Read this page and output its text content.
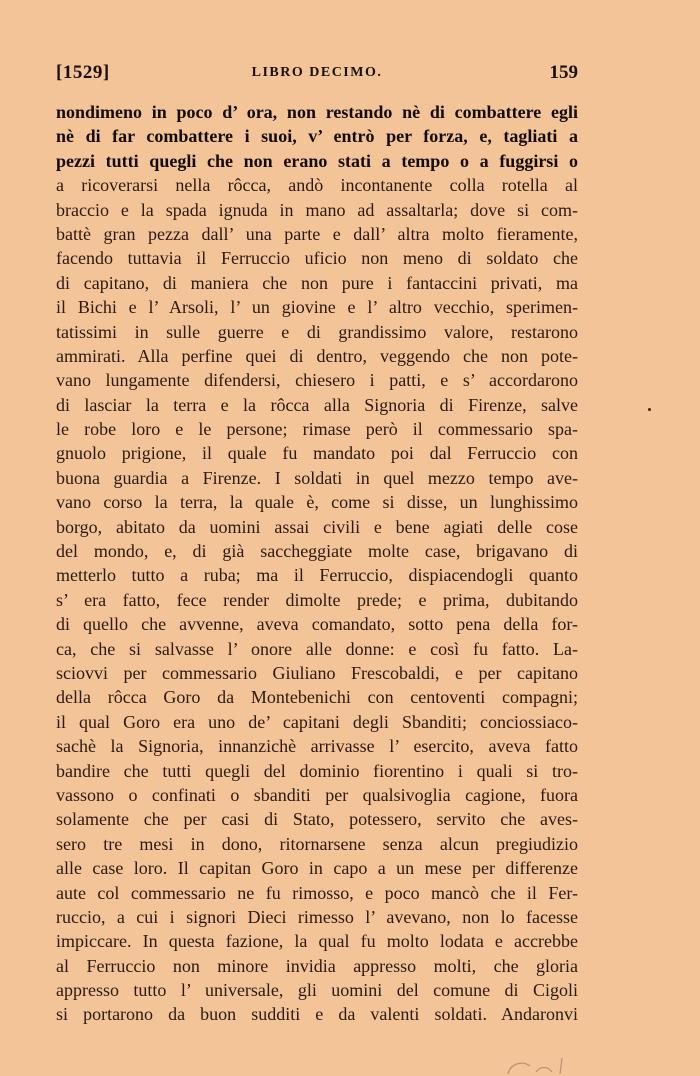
[1529]	LIBRO DECIMO.	159
nondimeno in poco d’ ora, non restando nè di combattere egli
nè di far combattere i suoi, v’ entrò per forza, e, tagliati a
pezzi tutti quegli che non erano stati a tempo o a fuggirsi o
a ricoverarsi nella rôcca, andò incontanente colla rotella al
braccio e la spada ignuda in mano ad assaltarla; dove si com-
battè gran pezza dall’ una parte e dall’ altra molto fieramente,
facendo tuttavia il Ferruccio uficio non meno di soldato che
di capitano, di maniera che non pure i fantaccini privati, ma
il Bichi e l’ Arsoli, l’ un giovine e l’ altro vecchio, sperimen-
tatissimi in sulle guerre e di grandissimo valore, restarono
ammirati. Alla perfine quei di dentro, veggendo che non pote-
vano lungamente difendersi, chiesero i patti, e s’ accordarono
di lasciar la terra e la rôcca alla Signoria di Firenze, salve
le robe loro e le persone; rimase però il commessario spa-
gnuolo prigione, il quale fu mandato poi dal Ferruccio con
buona guardia a Firenze. I soldati in quel mezzo tempo ave-
vano corso la terra, la quale è, come si disse, un lunghissimo
borgo, abitato da uomini assai civili e bene agiati delle cose
del mondo, e, di già saccheggiate molte case, brigavano di
metterlo tutto a ruba; ma il Ferruccio, dispiacendogli quanto
s’ era fatto, fece render dimolte prede; e prima, dubitando
di quello che avvenne, aveva comandato, sotto pena della for-
ca, che si salvasse l’ onore alle donne: e così fu fatto. La-
sciovvi per commessario Giuliano Frescobaldi, e per capitano
della rôcca Goro da Montebenichi con centoventi compagni;
il qual Goro era uno de’ capitani degli Sbanditi; conciossiaco-
sachè la Signoria, innanzichè arrivasse l’ esercito, aveva fatto
bandire che tutti quegli del dominio fiorentino i quali si tro-
vassono o confinati o sbanditi per qualsivoglia cagione, fuora
solamente che per casi di Stato, potessero, servito che aves-
sero tre mesi in dono, ritornarsene senza alcun pregiudizio
alle case loro. Il capitan Goro in capo a un mese per differenze
aute col commessario ne fu rimosso, e poco mancò che il Fer-
ruccio, a cui i signori Dieci rimesso l’ avevano, non lo facesse
impiccare. In questa fazione, la qual fu molto lodata e accrebbe
al Ferruccio non minore invidia appresso molti, che gloria
appresso tutto l’ universale, gli uomini del comune di Cigoli
si portarono da buon sudditi e da valenti soldati. Andaronvi
